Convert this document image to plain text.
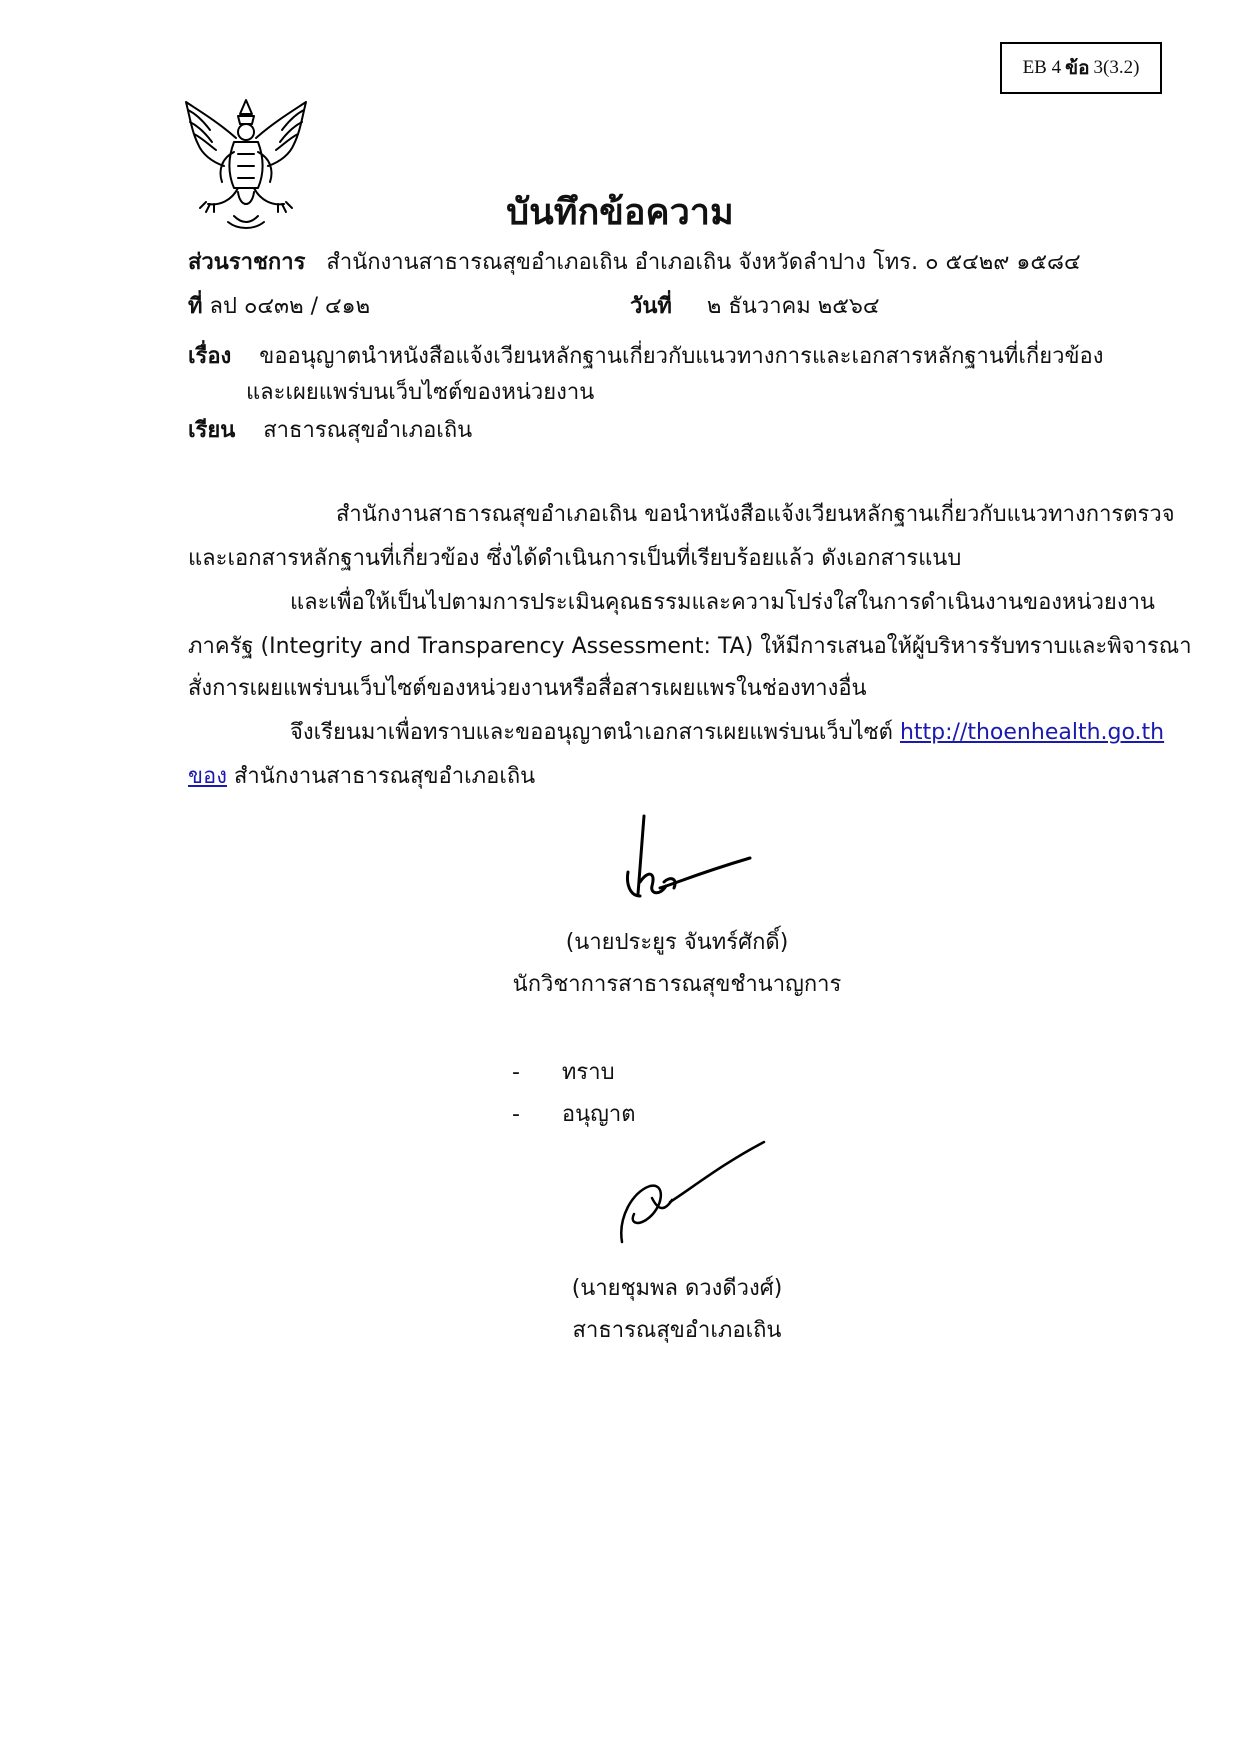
EB 4 ข้อ 3(3.2)
บันทึกข้อความ
ส่วนราชการ สำนักงานสาธารณสุขอำเภอเถิน อำเภอเถิน จังหวัดลำปาง โทร. ๐ ๕๔๒๙ ๑๕๘๔
ที่ ลป ๐๔๓๒ / ๔๑๒	วันที่ ๒ ธันวาคม ๒๕๖๔
เรื่อง ขออนุญาตนำหนังสือแจ้งเวียนหลักฐานเกี่ยวกับแนวทางการและเอกสารหลักฐานที่เกี่ยวข้อง
และเผยแพร่บนเว็บไซต์ของหน่วยงาน
เรียน สาธารณสุขอำเภอเถิน
สำนักงานสาธารณสุขอำเภอเถิน ขอนำหนังสือแจ้งเวียนหลักฐานเกี่ยวกับแนวทางการตรวจ
และเอกสารหลักฐานที่เกี่ยวข้อง ซึ่งได้ดำเนินการเป็นที่เรียบร้อยแล้ว ดังเอกสารแนบ
และเพื่อให้เป็นไปตามการประเมินคุณธรรมและความโปร่งใสในการดำเนินงานของหน่วยงาน
ภาครัฐ (Integrity and Transparency Assessment: TA) ให้มีการเสนอให้ผู้บริหารรับทราบและพิจารณา
สั่งการเผยแพร่บนเว็บไซต์ของหน่วยงานหรือสื่อสารเผยแพรในช่องทางอื่น
จึงเรียนมาเพื่อทราบและขออนุญาตนำเอกสารเผยแพร่บนเว็บไซต์ http://thoenhealth.go.th
ของ สำนักงานสาธารณสุขอำเภอเถิน
(นายประยูร จันทร์ศักดิ์)
นักวิชาการสาธารณสุขชำนาญการ
- ทราบ
- อนุญาต
(นายชุมพล ดวงดีวงศ์)
สาธารณสุขอำเภอเถิน
